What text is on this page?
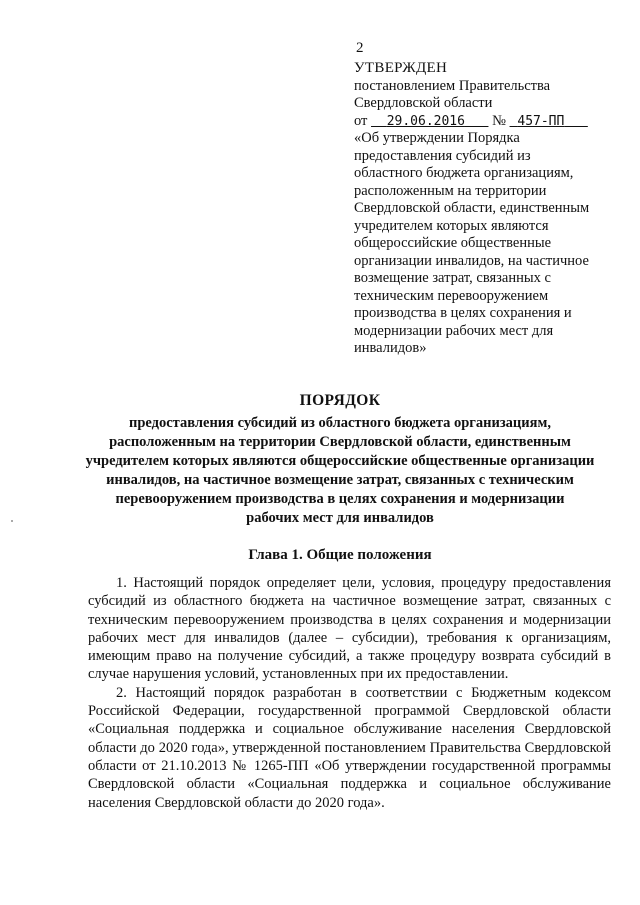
2
УТВЕРЖДЕН
постановлением Правительства
Свердловской области
от 29.06.2016 № 457-ПП
«Об утверждении Порядка
предоставления субсидий из
областного бюджета организациям,
расположенным на территории
Свердловской области, единственным
учредителем которых являются
общероссийские общественные
организации инвалидов, на частичное
возмещение затрат, связанных с
техническим перевооружением
производства в целях сохранения и
модернизации рабочих мест для
инвалидов»
ПОРЯДОК
предоставления субсидий из областного бюджета организациям,
расположенным на территории Свердловской области, единственным
учредителем которых являются общероссийские общественные организации
инвалидов, на частичное возмещение затрат, связанных с техническим
перевооружением производства в целях сохранения и модернизации
рабочих мест для инвалидов
Глава 1. Общие положения

1. Настоящий порядок определяет цели, условия, процедуру предоставления субсидий из областного бюджета на частичное возмещение затрат, связанных с техническим перевооружением производства в целях сохранения и модернизации рабочих мест для инвалидов (далее – субсидии), требования к организациям, имеющим право на получение субсидий, а также процедуру возврата субсидий в случае нарушения условий, установленных при их предоставлении.

2. Настоящий порядок разработан в соответствии с Бюджетным кодексом Российской Федерации, государственной программой Свердловской области «Социальная поддержка и социальное обслуживание населения Свердловской области до 2020 года», утвержденной постановлением Правительства Свердловской области от 21.10.2013 № 1265-ПП «Об утверждении государственной программы Свердловской области «Социальная поддержка и социальное обслуживание населения Свердловской области до 2020 года».
